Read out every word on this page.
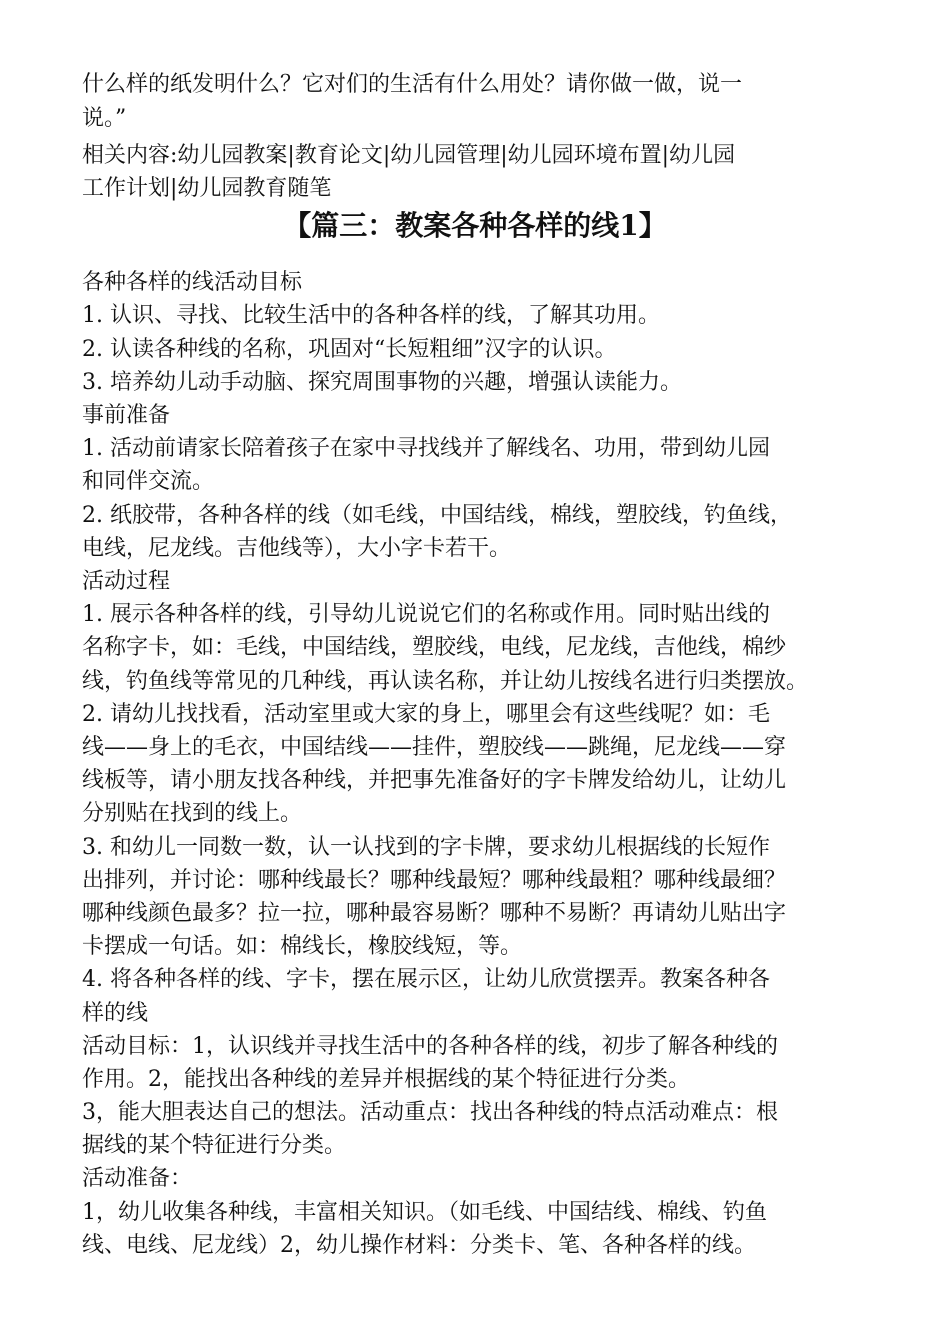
什么样的纸发明什么？它对们的生活有什么用处？请你做一做，说一

说。”

相关内容:幼儿园教案|教育论文|幼儿园管理|幼儿园环境布置|幼儿园

工作计划|幼儿园教育随笔

【篇三：教案各种各样的线1】

各种各样的线活动目标

1. 认识、寻找、比较生活中的各种各样的线，了解其功用。

2. 认读各种线的名称，巩固对“长短粗细”汉字的认识。

3. 培养幼儿动手动脑、探究周围事物的兴趣，增强认读能力。

事前准备

1. 活动前请家长陪着孩子在家中寻找线并了解线名、功用，带到幼儿园

和同伴交流。

2. 纸胶带，各种各样的线（如毛线，中国结线，棉线，塑胶线，钓鱼线，

电线，尼龙线。吉他线等），大小字卡若干。

活动过程

1. 展示各种各样的线，引导幼儿说说它们的名称或作用。同时贴出线的

名称字卡，如：毛线，中国结线，塑胶线，电线，尼龙线，吉他线，棉纱

线，钓鱼线等常见的几种线，再认读名称，并让幼儿按线名进行归类摆放。

2. 请幼儿找找看，活动室里或大家的身上，哪里会有这些线呢？如：毛

线——身上的毛衣，中国结线——挂件，塑胶线——跳绳，尼龙线——穿

线板等，请小朋友找各种线，并把事先准备好的字卡牌发给幼儿，让幼儿

分别贴在找到的线上。

3. 和幼儿一同数一数，认一认找到的字卡牌，要求幼儿根据线的长短作

出排列，并讨论：哪种线最长？哪种线最短？哪种线最粗？哪种线最细？

哪种线颜色最多？拉一拉，哪种最容易断？哪种不易断？再请幼儿贴出字

卡摆成一句话。如：棉线长，橡胶线短，等。

4. 将各种各样的线、字卡，摆在展示区，让幼儿欣赏摆弄。教案各种各

样的线

活动目标：1，认识线并寻找生活中的各种各样的线，初步了解各种线的

作用。2，能找出各种线的差异并根据线的某个特征进行分类。

3，能大胆表达自己的想法。活动重点：找出各种线的特点活动难点：根

据线的某个特征进行分类。

活动准备：

1，幼儿收集各种线，丰富相关知识。（如毛线、中国结线、棉线、钓鱼

线、电线、尼龙线）2，幼儿操作材料：分类卡、笔、各种各样的线。
